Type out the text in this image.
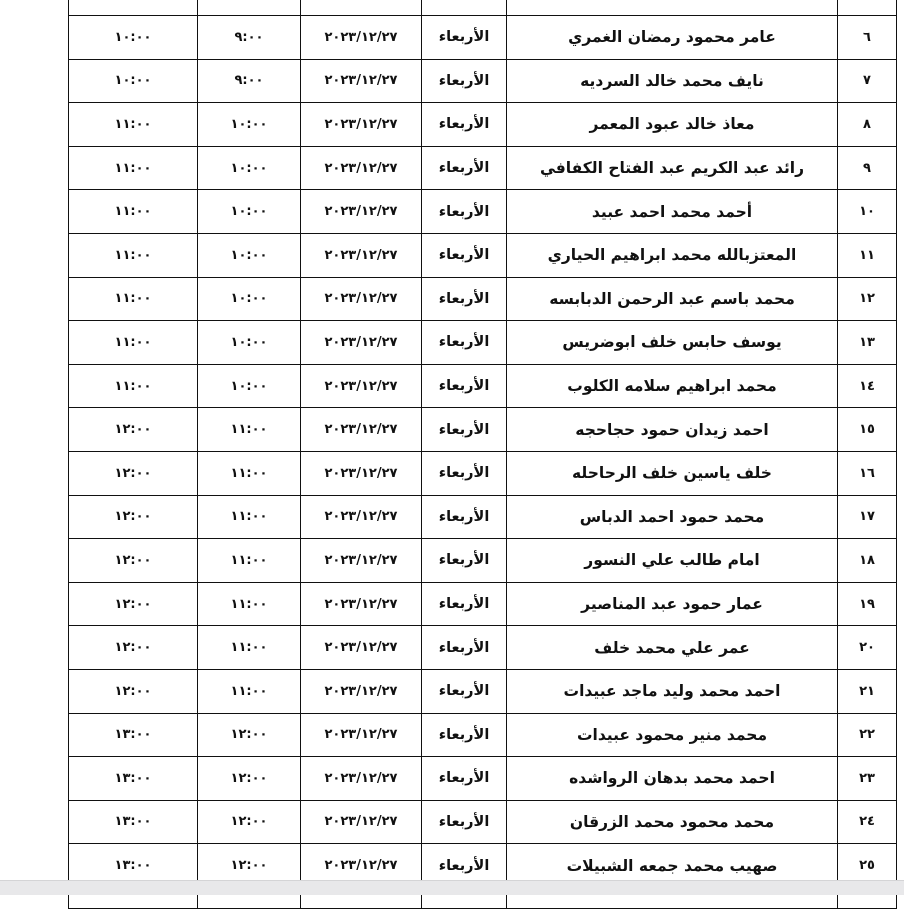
٦	عامر محمود رمضان الغمري	الأربعاء	٢٠٢٣/١٢/٢٧	٩:٠٠	١٠:٠٠
٧	نايف محمد خالد السرديه	الأربعاء	٢٠٢٣/١٢/٢٧	٩:٠٠	١٠:٠٠
٨	معاذ خالد عبود المعمر	الأربعاء	٢٠٢٣/١٢/٢٧	١٠:٠٠	١١:٠٠
٩	رائد عبد الكريم عبد الفتاح الكفافي	الأربعاء	٢٠٢٣/١٢/٢٧	١٠:٠٠	١١:٠٠
١٠	أحمد محمد احمد عبيد	الأربعاء	٢٠٢٣/١٢/٢٧	١٠:٠٠	١١:٠٠
١١	المعتزبالله محمد ابراهيم الحياري	الأربعاء	٢٠٢٣/١٢/٢٧	١٠:٠٠	١١:٠٠
١٢	محمد باسم عبد الرحمن الدبابسه	الأربعاء	٢٠٢٣/١٢/٢٧	١٠:٠٠	١١:٠٠
١٣	يوسف حابس خلف ابوضريس	الأربعاء	٢٠٢٣/١٢/٢٧	١٠:٠٠	١١:٠٠
١٤	محمد ابراهيم سلامه الكلوب	الأربعاء	٢٠٢٣/١٢/٢٧	١٠:٠٠	١١:٠٠
١٥	احمد زيدان حمود حجاحجه	الأربعاء	٢٠٢٣/١٢/٢٧	١١:٠٠	١٢:٠٠
١٦	خلف ياسين خلف الرحاحله	الأربعاء	٢٠٢٣/١٢/٢٧	١١:٠٠	١٢:٠٠
١٧	محمد حمود احمد الدباس	الأربعاء	٢٠٢٣/١٢/٢٧	١١:٠٠	١٢:٠٠
١٨	امام طالب علي النسور	الأربعاء	٢٠٢٣/١٢/٢٧	١١:٠٠	١٢:٠٠
١٩	عمار حمود عبد المناصير	الأربعاء	٢٠٢٣/١٢/٢٧	١١:٠٠	١٢:٠٠
٢٠	عمر علي محمد خلف	الأربعاء	٢٠٢٣/١٢/٢٧	١١:٠٠	١٢:٠٠
٢١	احمد محمد وليد ماجد عبيدات	الأربعاء	٢٠٢٣/١٢/٢٧	١١:٠٠	١٢:٠٠
٢٢	محمد منير محمود عبيدات	الأربعاء	٢٠٢٣/١٢/٢٧	١٢:٠٠	١٣:٠٠
٢٣	احمد محمد بدهان الرواشده	الأربعاء	٢٠٢٣/١٢/٢٧	١٢:٠٠	١٣:٠٠
٢٤	محمد محمود محمد الزرقان	الأربعاء	٢٠٢٣/١٢/٢٧	١٢:٠٠	١٣:٠٠
٢٥	صهيب محمد جمعه الشبيلات	الأربعاء	٢٠٢٣/١٢/٢٧	١٢:٠٠	١٣:٠٠
